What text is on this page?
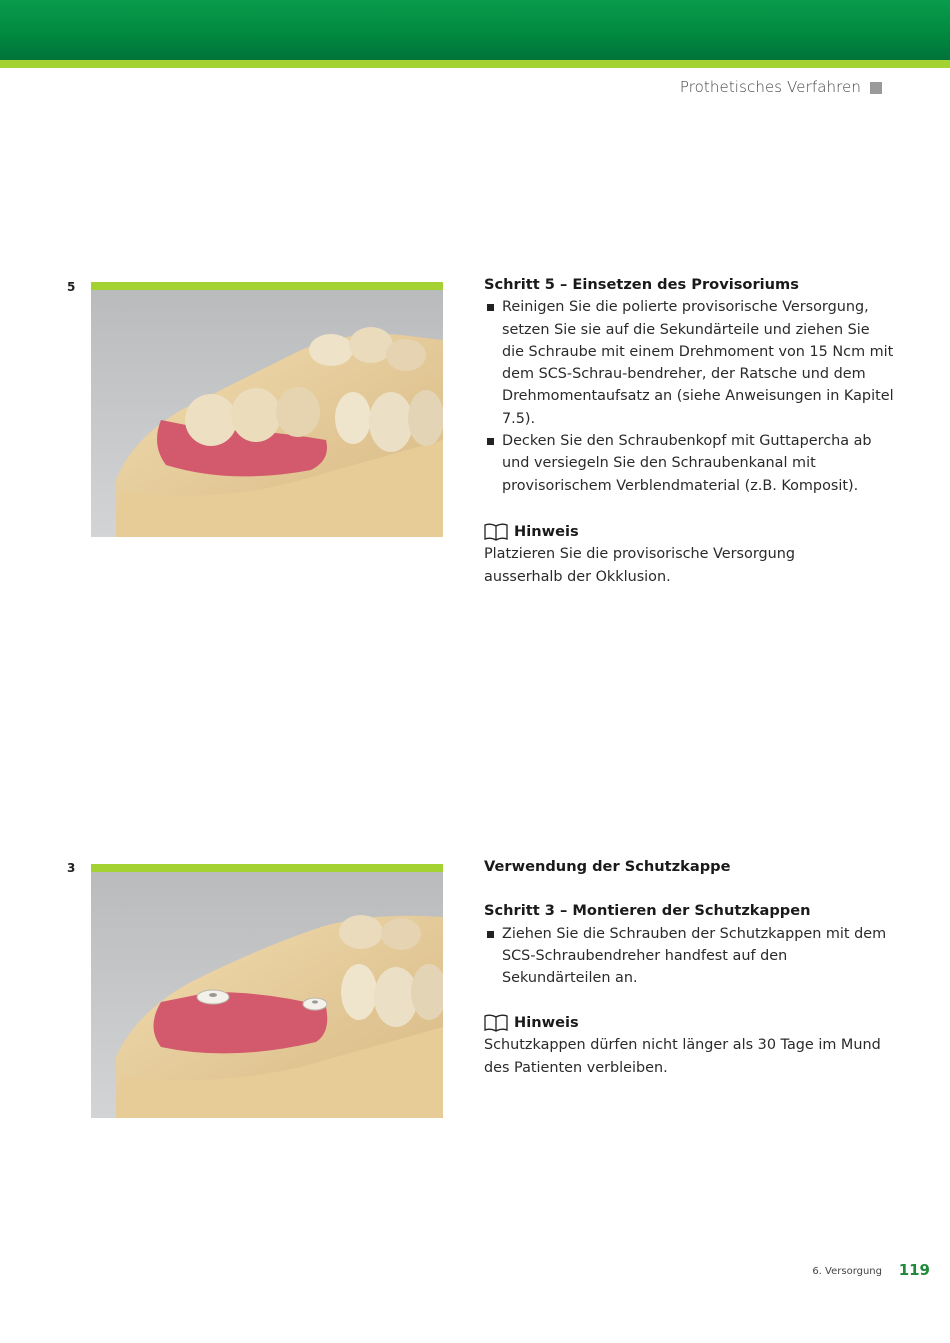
Prothetisches Verfahren
5	Schritt 5 – Einsetzen des Provisoriums
Reinigen Sie die polierte provisorische Versorgung, setzen Sie sie auf die Sekundärteile und ziehen Sie die Schraube mit einem Drehmoment von 15 Ncm mit dem SCS-Schrau-bendreher, der Ratsche und dem Drehmomentaufsatz an (siehe Anweisungen in Kapitel 7.5).
Decken Sie den Schraubenkopf mit Guttapercha ab und versiegeln Sie den Schraubenkanal mit provisorischem Verblendmaterial (z.B. Komposit).
Hinweis
Platzieren Sie die provisorische Versorgung ausserhalb der Okklusion.
3	Verwendung der Schutzkappe
Schritt 3 – Montieren der Schutzkappen
Ziehen Sie die Schrauben der Schutzkappen mit dem SCS-Schraubendreher handfest auf den Sekundärteilen an.
Hinweis
Schutzkappen dürfen nicht länger als 30 Tage im Mund des Patienten verbleiben.
6. Versorgung 119
